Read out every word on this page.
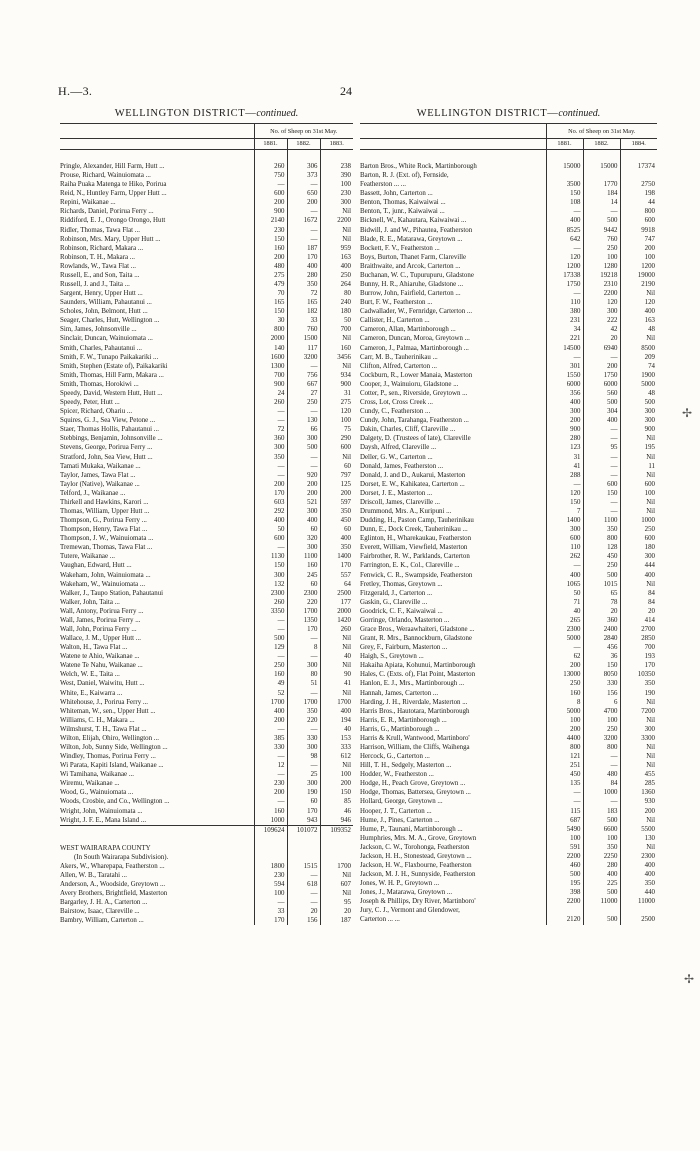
H.—3.	24
WELLINGTON DISTRICT—continued.
	No. of Sheep on 31st May.		
	1881.	1882.	1883.

Pringle, Alexander, Hill Farm, Hutt ...	260	306	238
Prouse, Richard, Wainuiomata ...	750	373	390
Raiha Puaka Matenga te Hiko, Porirua	—	—	100
Reid, N., Huntley Farm, Upper Hutt ...	600	650	230
Repini, Waikanae ...	200	200	300
Richards, Daniel, Porirua Ferry ...	900	—	Nil
Riddiford, E. J., Orongo Orongo, Hutt	2140	1672	2200
Ridler, Thomas, Tawa Flat ...	230	—	Nil
Robinson, Mrs. Mary, Upper Hutt ...	150	—	Nil
Robinson, Richard, Makara ...	160	187	959
Robinson, T. H., Makara ...	200	170	163
Rowlands, W., Tawa Flat ...	480	400	400
Russell, E., and Son, Taita ...	275	280	250
Russell, J. and J., Taita ...	479	350	264
Sargent, Henry, Upper Hutt ...	70	72	80
Saunders, William, Pahautanui ...	165	165	240
Scholes, John, Belmont, Hutt ...	150	182	180
Seager, Charles, Hutt, Wellington ...	30	33	50
Sim, James, Johnsonville ...	800	760	700
Sinclair, Duncan, Wainuiomata ...	2000	1500	Nil
Smith, Charles, Pahautanui ...	140	117	160
Smith, F. W., Tunapo Paikakariki ...	1600	3200	3456
Smith, Stephen (Estate of), Paikakariki	1300	—	Nil
Smith, Thomas, Hill Farm, Makara ...	700	756	934
Smith, Thomas, Horokiwi ...	900	667	900
Speedy, David, Western Hutt, Hutt ...	24	27	31
Speedy, Peter, Hutt ...	260	250	275
Spicer, Richard, Ohariu ...	—	—	120
Squires, G. J., Sea View, Petone ...	—	130	100
Staer, Thomas Hollis, Pahautanui ...	72	66	75
Stebbings, Benjamin, Johnsonville ...	360	300	290
Stevens, George, Porirua Ferry ...	300	500	600
Stratford, John, Sea View, Hutt ...	350	—	Nil
Tamati Mukaka, Waikanae ...	—	—	60
Taylor, James, Tawa Flat ...	—	920	797
Taylor (Native), Waikanae ...	200	200	125
Telford, J., Waikanae ...	170	200	200
Thirkell and Hawkins, Karori ...	603	521	597
Thomas, William, Upper Hutt ...	292	300	350
Thompson, G., Porirua Ferry ...	400	400	450
Thompson, Henry, Tawa Flat ...	50	60	60
Thompson, J. W., Wainuiomata ...	600	320	400
Tremewan, Thomas, Tawa Flat ...	—	300	350
Tutere, Waikanae ...	1130	1100	1400
Vaughan, Edward, Hutt ...	150	160	170
Wakeham, John, Wainuiomata ...	300	245	557
Wakeham, W., Wainuiomata ...	132	60	64
Walker, J., Taupo Station, Pahautanui	2300	2300	2500
Walker, John, Taita ...	260	220	177
Wall, Antony, Porirua Ferry ...	3350	1700	2000
Wall, James, Porirua Ferry ...	—	1350	1420
Wall, John, Porirua Ferry ...	—	170	260
Wallace, J. M., Upper Hutt ...	500	—	Nil
Walton, H., Tawa Flat ...	129	8	Nil
Watene te Ahio, Waikanae ...	—	—	40
Watene Te Nahu, Waikanae ...	250	300	Nil
Welch, W. E., Taita ...	160	80	90
West, Daniel, Waiwitu, Hutt ...	49	51	41
White, E., Kaiwarra ...	52	—	Nil
Whitehouse, J., Porirua Ferry ...	1700	1700	1700
Whiteman, W., sen., Upper Hutt ...	400	350	400
Williams, C. H., Makara ...	200	220	194
Wilmshurst, T. H., Tawa Flat ...	—	—	40
Wilton, Elijah, Ohiro, Wellington ...	385	330	153
Wilton, Job, Sunny Side, Wellington ...	330	300	333
Windley, Thomas, Porirua Ferry ...	—	98	612
Wi Parata, Kapiti Island, Waikanae ...	12	—	Nil
Wi Tamihana, Waikanae ...	—	25	100
Wiremu, Waikanae ...	230	300	200
Wood, G., Wainuiomata ...	200	190	150
Woods, Crosbie, and Co., Wellington ...	—	60	85
Wright, John, Wainuiomata ...	160	170	46
Wright, J. F. E., Mana Island ...	1000	943	946
	109624	101072	109352

WEST WAIRARAPA COUNTY			
(In South Wairarapa Subdivision).			
Akers, W., Wharepapa, Featherston ...	1800	1515	1700
Allen, W. B., Taratahi ...	230	—	Nil
Anderson, A., Woodside, Greytown ...	594	618	607
Avery Brothers, Brightfield, Masterton	100	—	Nil
Bargarley, J. H. A., Carterton ...	—	—	95
Bairstow, Isaac, Clareville ...	33	20	20
Bambry, William, Carterton ...	170	156	187
WELLINGTON DISTRICT—continued.
	No. of Sheep on 31st May.		
	1881.	1882.	1884.

Barton Bros., White Rock, Martinborough	15000	15000	17374
Barton, R. J. (Ext. of), Fernside,			
Featherston ... ...	3500	1770	2750
Bassett, John, Carterton ...	150	184	198
Benton, Thomas, Kaiwaiwai ...	108	14	44
Benton, T., junr., Kaiwaiwai ...	—	—	800
Bicknell, W., Kahautara, Kaiwaiwai ...	400	500	600
Bidwill, J. and W., Pihautea, Featherston	8525	9442	9918
Blade, R. E., Matarawa, Greytown ...	642	760	747
Bockett, F. V., Featherston ...	—	250	200
Boys, Burton, Thanet Farm, Clareville	120	100	100
Braithwaite, and Arcok, Carterton ...	1200	1280	1200
Buchanan, W. C., Tupurupuru, Gladstone	17338	19218	19000
Bunny, H. R., Ahiaruhe, Gladstone ...	1750	2310	2190
Burrow, John, Fairfield, Carterton ...	—	2200	Nil
Burt, F. W., Featherston ...	110	120	120
Cadwallader, W., Fernridge, Carterton ...	380	300	400
Callister, H., Carterton ...	231	222	163
Cameron, Allan, Martinborough ...	34	42	48
Cameron, Duncan, Moroa, Greytown ...	221	20	Nil
Cameron, J., Palmaa, Martinborough ...	14500	6940	8500
Carr, M. B., Tauherinikau ...	—	—	209
Clifton, Alfred, Carterton ...	301	200	74
Cockburn, R., Lower Manaia, Masterton	1550	1750	1900
Cooper, J., Wainuioru, Gladstone ...	6000	6000	5000
Cotter, P., sen., Riverside, Greytown ...	356	560	48
Cross, Lot, Cross Creek ...	400	500	500
Cundy, C., Featherston ...	300	304	300
Cundy, John, Tarahanga, Featherston ...	200	400	300
Dakin, Charles, Cliff, Clareville ...	900	—	900
Dalgety, D. (Trustees of late), Clareville	280	—	Nil
Daysh, Alfred, Clareville ...	123	95	195
Deller, G. W., Carterton ...	31	—	Nil
Donald, James, Featherston ...	41	—	11
Donald, J. and D., Aukarui, Masterton	288	—	Nil
Dorset, E. W., Kahikatea, Carterton ...	—	600	600
Dorset, J. E., Masterton ...	120	150	100
Driscoll, James, Clareville ...	150	—	Nil
Drummond, Mrs. A., Kuripuni ...	7	—	Nil
Dudding, H., Paston Camp, Tauherinikau	1400	1100	1000
Dunn, E., Dock Creek, Tauherinikau ...	300	350	250
Eglinton, H., Wharekaukau, Featherston	600	800	600
Everett, William, Viewfield, Masterton	110	128	180
Fairbrother, R. W., Parklands, Carterton	262	450	300
Farrington, E. K., Col., Clareville ...	—	250	444
Fenwick, C. R., Swampside, Featherston	400	500	400
Fretley, Thomas, Greytown ...	1065	1015	Nil
Fitzgerald, J., Carterton ...	50	65	84
Gaskin, G., Clareville ...	71	78	84
Goodrick, C. F., Kaiwaiwai ...	40	20	20
Gorringe, Orlando, Masterton ...	265	360	414
Grace Bros., Weraawhaiteri, Gladstone ...	2300	2400	2700
Grant, R. Mrs., Bannockburn, Gladstone	5000	2840	2850
Grey, F., Fairburn, Masterton ...	—	456	700
Haigh, S., Greytown ...	62	36	193
Hakaiha Apiata, Kohunui, Martinborough	200	150	170
Hales, C. (Exts. of), Flat Point, Masterton	13000	8050	10350
Hanlon, E. J., Mrs., Martinborough ...	250	330	350
Hannah, James, Carterton ...	160	156	190
Harding, J. H., Riverdale, Masterton ...	8	6	Nil
Harris Bros., Hautotara, Martinborough	5000	4700	7200
Harris, E. R., Martinborough ...	100	100	Nil
Harris, G., Martinborough ...	200	250	300
Harris & Krull, Wantwood, Martinboro'	4400	3200	3300
Harrison, William, the Cliffs, Waihenga	800	800	Nil
Hercock, G., Carterton ...	121	—	Nil
Hill, T. H., Sedgely, Masterton ...	251	—	Nil
Hodder, W., Featherston ...	450	480	455
Hodge, H., Peach Grove, Greytown ...	135	84	285
Hodge, Thomas, Battersea, Greytown ...	—	1000	1360
Hollard, George, Greytown ...	—	—	930
Hooper, J. T., Carterton ...	115	183	200
Hume, J., Pines, Carterton ...	687	500	Nil
Hume, P., Taunani, Martinborough ...	5490	6600	5500
Humphries, Mrs. M. A., Grove, Greytown	100	100	130
Jackson, C. W., Torohonga, Featherston	591	350	Nil
Jackson, H. H., Stonestead, Greytown ...	2200	2250	2300
Jackson, H. W., Flaxbourne, Featherston	460	280	400
Jackson, M. J. H., Sunnyside, Featherston	500	400	400
Jones, W. H. P., Greytown ...	195	225	350
Jones, J., Matarawa, Greytown ...	398	500	440
Joseph & Phillips, Dry River, Martinboro'	2200	11000	11000
Jury, C. J., Vermont and Glendower,			
Carterton ... ...	2120	500	2500
✢
✢
